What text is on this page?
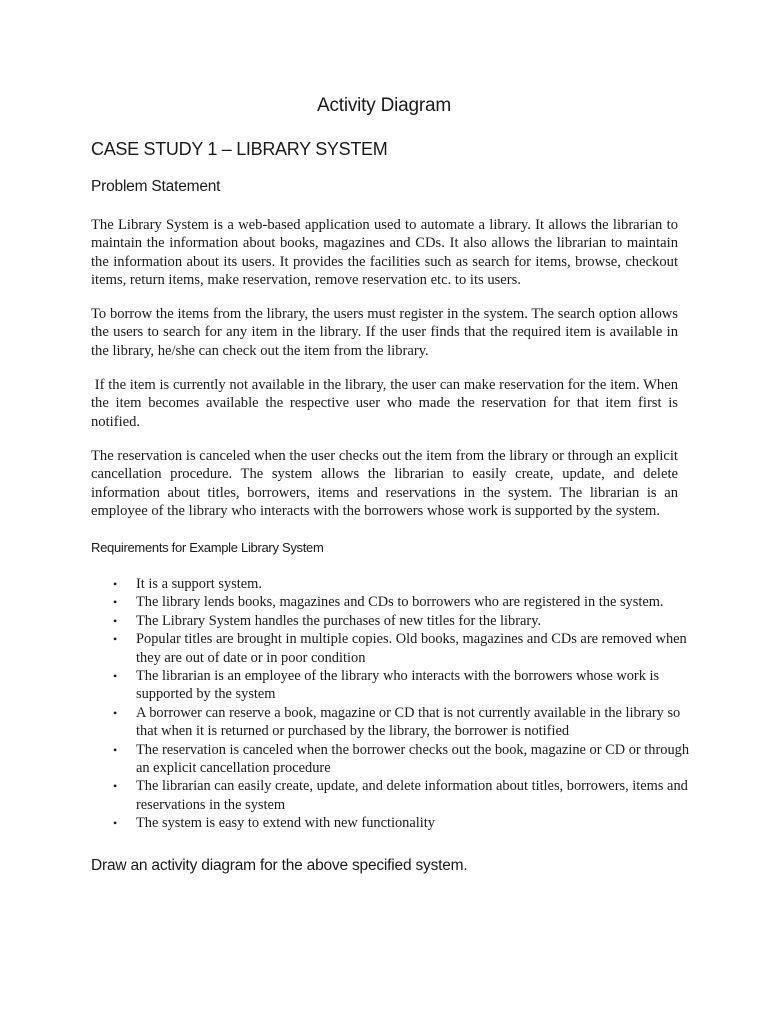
Activity Diagram
CASE STUDY 1 – LIBRARY SYSTEM
Problem Statement

The Library System is a web-based application used to automate a library. It allows the librarian to maintain the information about books, magazines and CDs. It also allows the librarian to maintain the information about its users. It provides the facilities such as search for items, browse, checkout items, return items, make reservation, remove reservation etc. to its users.

To borrow the items from the library, the users must register in the system. The search option allows the users to search for any item in the library. If the user finds that the required item is available in the library, he/she can check out the item from the library.

If the item is currently not available in the library, the user can make reservation for the item. When the item becomes available the respective user who made the reservation for that item first is notified.

The reservation is canceled when the user checks out the item from the library or through an explicit cancellation procedure. The system allows the librarian to easily create, update, and delete information about titles, borrowers, items and reservations in the system. The librarian is an employee of the library who interacts with the borrowers whose work is supported by the system.

Requirements for Example Library System
• It is a support system.
• The library lends books, magazines and CDs to borrowers who are registered in the system.
• The Library System handles the purchases of new titles for the library.
• Popular titles are brought in multiple copies. Old books, magazines and CDs are removed when they are out of date or in poor condition
• The librarian is an employee of the library who interacts with the borrowers whose work is supported by the system
• A borrower can reserve a book, magazine or CD that is not currently available in the library so that when it is returned or purchased by the library, the borrower is notified
• The reservation is canceled when the borrower checks out the book, magazine or CD or through an explicit cancellation procedure
• The librarian can easily create, update, and delete information about titles, borrowers, items and reservations in the system
• The system is easy to extend with new functionality
Draw an activity diagram for the above specified system.
